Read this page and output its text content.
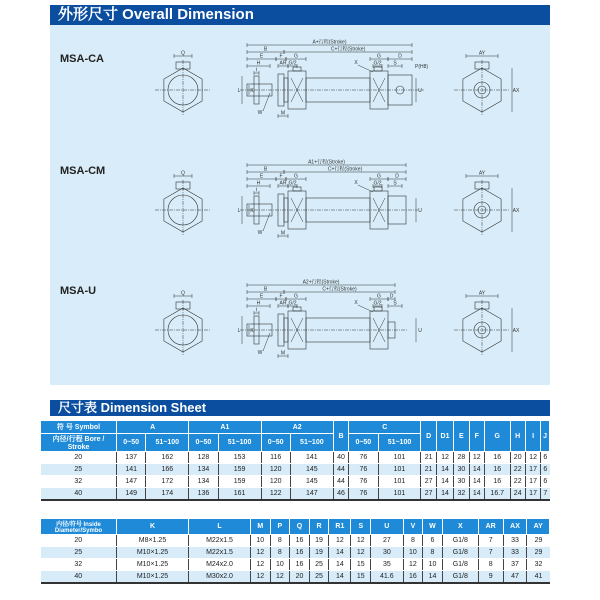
外形尺寸 Overall Dimension
MSA-CA
MSA-CM
MSA-U
Q
P(H8)
A+行程(Stroke)
B	C+行程(Stroke)
E	F G
H
I
AR G/2
G	D
G/2 S
X
M
W
L K	U
AY
AX
Q
A1+行程(Stroke)
B	C+行程(Stroke)
E	F G
H
I
AR G/2
G	D
G/2 S
X
M
W
L K	U
AY
AX
Q
A2+行程(Stroke)
B	C+行程(Stroke)
E	F G
H
I
AR G/2
G D
G/2 S
X
M
W
L K	U
AY
AX
尺寸表 Dimension Sheet
符 号 Symbol	A		A1		A2		B	C		D	D1	E	F	G	H	I	J
内径/行程 Bore / Stroke	0~50	51~100	0~50	51~100	0~50	51~100		0~50	51~100								
20	137	162	128	153	116	141	40	76	101	21	12	28	12	16	20	12	6
25	141	166	134	159	120	145	44	76	101	21	14	30	14	16	22	17	6
32	147	172	134	159	120	145	44	76	101	27	14	30	14	16	22	17	6
40	149	174	136	161	122	147	46	76	101	27	14	32	14	16.7	24	17	7
内径/符号 Inside Diameter/Symbo	K	L	M	P	Q	R	R1	S	U	V	W	X	AR	AX	AY
20	M8×1.25	M22x1.5	10	8	16	19	12	12	27	8	6	G1/8	7	33	29
25	M10×1.25	M22x1.5	12	8	16	19	14	12	30	10	8	G1/8	7	33	29
32	M10×1.25	M24x2.0	12	10	16	25	14	15	35	12	10	G1/8	8	37	32
40	M10×1.25	M30x2.0	12	12	20	25	14	15	41.6	16	14	G1/8	9	47	41
